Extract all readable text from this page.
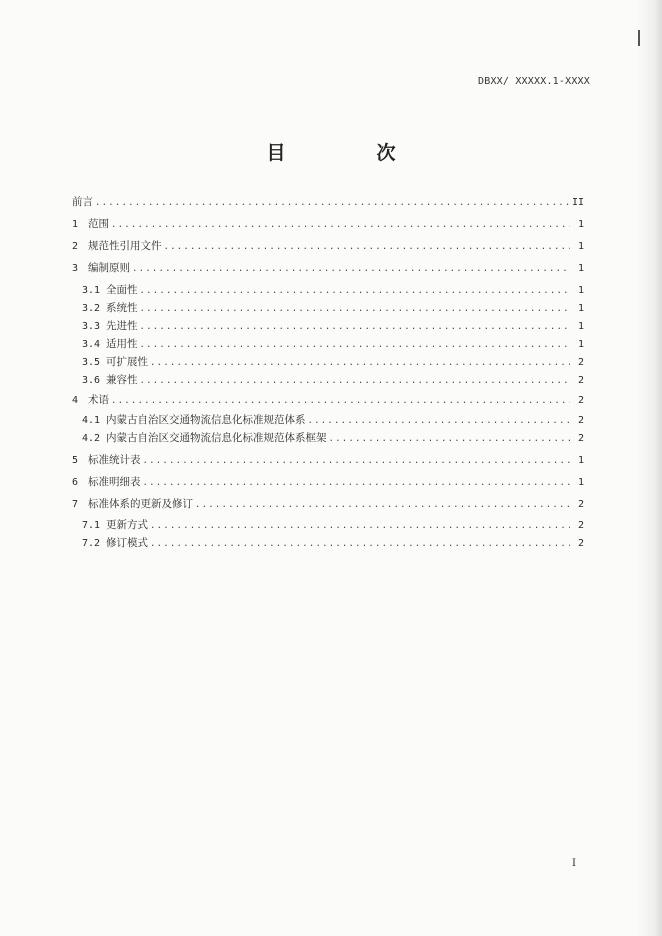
DBXX/ XXXXX.1-XXXX
目　次
前言 .....	II
1 范围 .....	1
2 规范性引用文件 .....	1
3 编制原则 .....	1
3.1 全面性 .....	1
3.2 系统性 .....	1
3.3 先进性 .....	1
3.4 适用性 .....	1
3.5 可扩展性 .....	2
3.6 兼容性 .....	2
4 术语 .....	2
4.1 内蒙古自治区交通物流信息化标准规范体系 .....	2
4.2 内蒙古自治区交通物流信息化标准规范体系框架 .....	2
5 标准统计表 .....	1
6 标准明细表 .....	1
7 标准体系的更新及修订 .....	2
7.1 更新方式 .....	2
7.2 修订模式 .....	2
I
